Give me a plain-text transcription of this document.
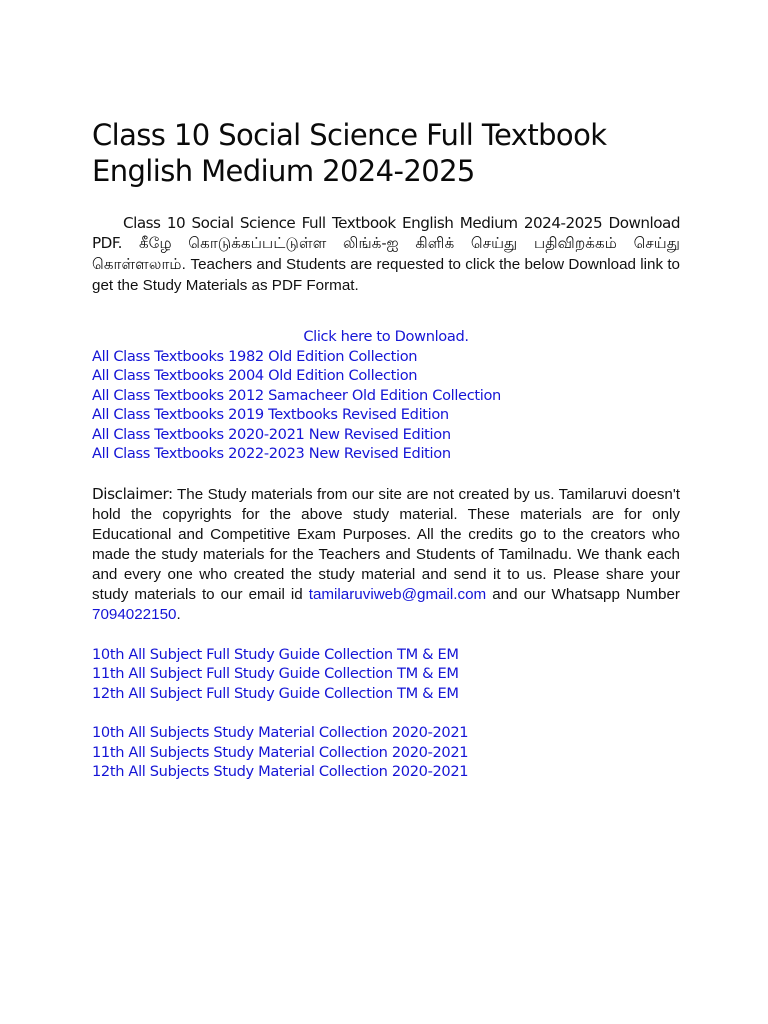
Class 10 Social Science Full Textbook
English Medium 2024-2025

Class 10 Social Science Full Textbook English Medium 2024-2025 Download PDF. கீழே கொடுக்கப்பட்டுள்ள லிங்க்-ஐ கிளிக் செய்து பதிவிறக்கம் செய்து கொள்ளலாம். Teachers and Students are requested to click the below Download link to get the Study Materials as PDF Format.

Click here to Download.
All Class Textbooks 1982 Old Edition Collection
All Class Textbooks 2004 Old Edition Collection
All Class Textbooks 2012 Samacheer Old Edition Collection
All Class Textbooks 2019 Textbooks Revised Edition
All Class Textbooks 2020-2021 New Revised Edition
All Class Textbooks 2022-2023 New Revised Edition

Disclaimer: The Study materials from our site are not created by us. Tamilaruvi doesn't hold the copyrights for the above study material. These materials are for only Educational and Competitive Exam Purposes. All the credits go to the creators who made the study materials for the Teachers and Students of Tamilnadu. We thank each and every one who created the study material and send it to us. Please share your study materials to our email id tamilaruviweb@gmail.com and our Whatsapp Number 7094022150.

10th All Subject Full Study Guide Collection TM & EM
11th All Subject Full Study Guide Collection TM & EM
12th All Subject Full Study Guide Collection TM & EM
10th All Subjects Study Material Collection 2020-2021
11th All Subjects Study Material Collection 2020-2021
12th All Subjects Study Material Collection 2020-2021
